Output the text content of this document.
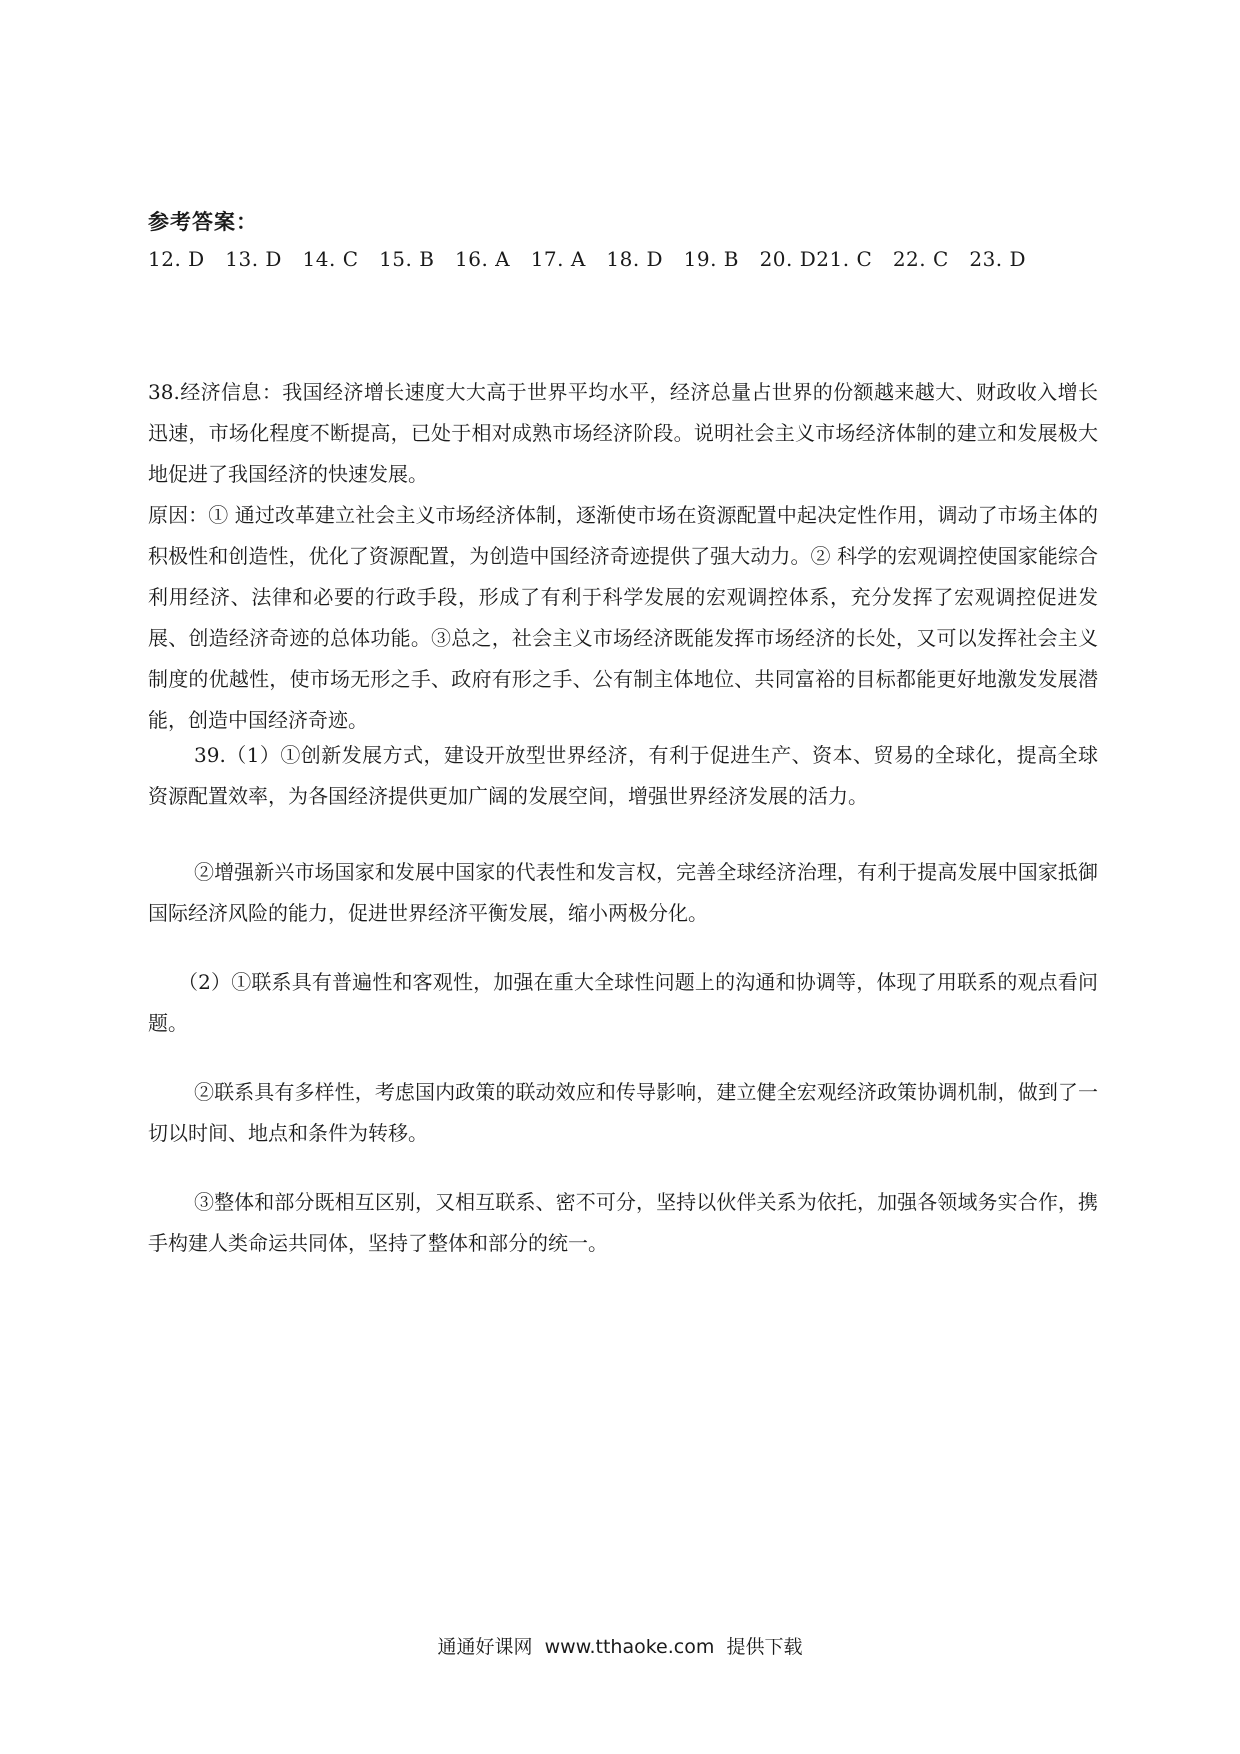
参考答案：
12. D   13. D   14. C   15. B   16. A   17. A   18. D   19. B   20. D21. C   22. C   23. D

38.经济信息：我国经济增长速度大大高于世界平均水平，经济总量占世界的份额越来越大、财政收入增长迅速，市场化程度不断提高，已处于相对成熟市场经济阶段。说明社会主义市场经济体制的建立和发展极大地促进了我国经济的快速发展。

原因：① 通过改革建立社会主义市场经济体制，逐渐使市场在资源配置中起决定性作用，调动了市场主体的积极性和创造性，优化了资源配置，为创造中国经济奇迹提供了强大动力。② 科学的宏观调控使国家能综合利用经济、法律和必要的行政手段，形成了有利于科学发展的宏观调控体系，充分发挥了宏观调控促进发展、创造经济奇迹的总体功能。③总之，社会主义市场经济既能发挥市场经济的长处，又可以发挥社会主义制度的优越性，使市场无形之手、政府有形之手、公有制主体地位、共同富裕的目标都能更好地激发发展潜能，创造中国经济奇迹。

39.（1）①创新发展方式，建设开放型世界经济，有利于促进生产、资本、贸易的全球化，提高全球资源配置效率，为各国经济提供更加广阔的发展空间，增强世界经济发展的活力。

②增强新兴市场国家和发展中国家的代表性和发言权，完善全球经济治理，有利于提高发展中国家抵御国际经济风险的能力，促进世界经济平衡发展，缩小两极分化。

（2）①联系具有普遍性和客观性，加强在重大全球性问题上的沟通和协调等，体现了用联系的观点看问题。

②联系具有多样性，考虑国内政策的联动效应和传导影响，建立健全宏观经济政策协调机制，做到了一切以时间、地点和条件为转移。

③整体和部分既相互区别，又相互联系、密不可分，坚持以伙伴关系为依托，加强各领域务实合作，携手构建人类命运共同体，坚持了整体和部分的统一。

通通好课网  www.tthaoke.com  提供下载
